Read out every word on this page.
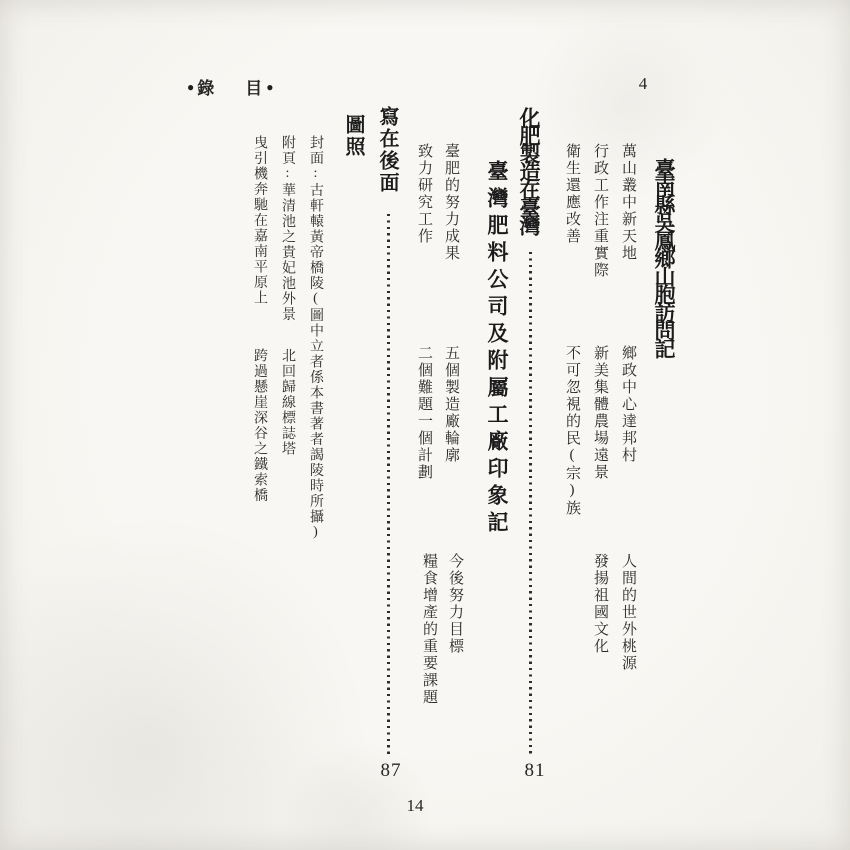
● 錄 目 ●	4
臺南縣吳鳳鄉山胞訪問記
萬山叢中新天地
鄉政中心達邦村
人間的世外桃源
行政工作注重實際
新美集體農場遠景
發揚祖國文化
衛生還應改善
不可忽視的民(宗)族
化肥製造在臺灣
81
臺灣肥料公司及附屬工廠印象記
臺肥的努力成果
五個製造廠輪廓
今後努力目標
致力研究工作
二個難題一個計劃
糧食增產的重要課題
寫在後面
87
圖照
封面:古軒轅黃帝橋陵(圖中立者係本書著者謁陵時所攝)
附頁:華清池之貴妃池外景
北回歸線標誌塔
曳引機奔馳在嘉南平原上
跨過懸崖深谷之鐵索橋
14
